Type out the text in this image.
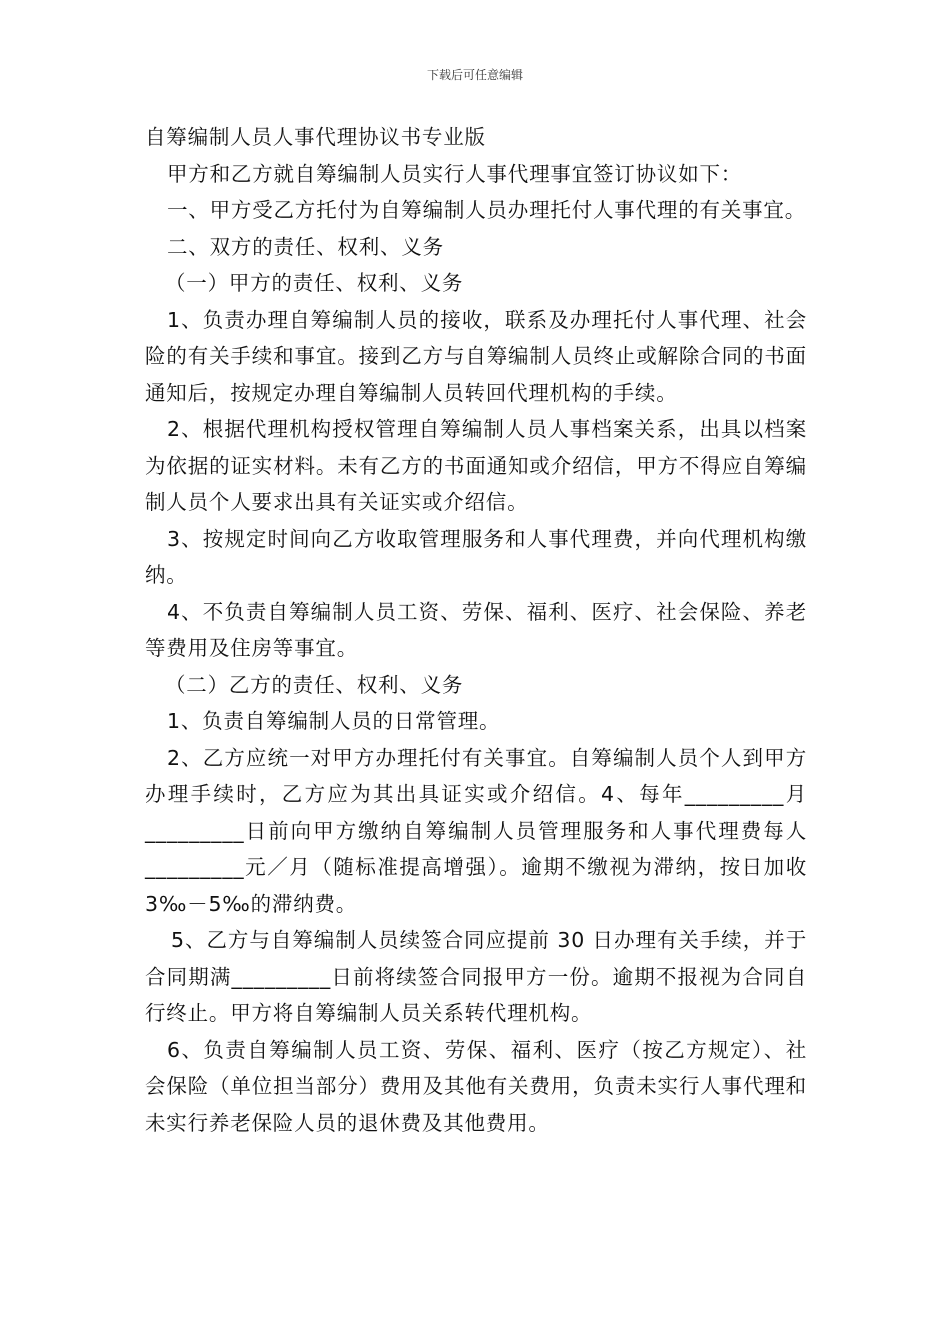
下载后可任意编辑

自筹编制人员人事代理协议书专业版

甲方和乙方就自筹编制人员实行人事代理事宜签订协议如下：

一、甲方受乙方托付为自筹编制人员办理托付人事代理的有关事宜。

二、双方的责任、权利、义务

（一）甲方的责任、权利、义务

1、负责办理自筹编制人员的接收，联系及办理托付人事代理、社会险的有关手续和事宜。接到乙方与自筹编制人员终止或解除合同的书面通知后，按规定办理自筹编制人员转回代理机构的手续。

2、根据代理机构授权管理自筹编制人员人事档案关系，出具以档案为依据的证实材料。未有乙方的书面通知或介绍信，甲方不得应自筹编制人员个人要求出具有关证实或介绍信。

3、按规定时间向乙方收取管理服务和人事代理费，并向代理机构缴纳。

4、不负责自筹编制人员工资、劳保、福利、医疗、社会保险、养老等费用及住房等事宜。

（二）乙方的责任、权利、义务

1、负责自筹编制人员的日常管理。

2、乙方应统一对甲方办理托付有关事宜。自筹编制人员个人到甲方办理手续时，乙方应为其出具证实或介绍信。4、每年_________月_________日前向甲方缴纳自筹编制人员管理服务和人事代理费每人_________元／月（随标准提高增强）。逾期不缴视为滞纳，按日加收 3‰－5‰的滞纳费。

5、乙方与自筹编制人员续签合同应提前 30 日办理有关手续，并于合同期满_________日前将续签合同报甲方一份。逾期不报视为合同自行终止。甲方将自筹编制人员关系转代理机构。

6、负责自筹编制人员工资、劳保、福利、医疗（按乙方规定）、社会保险（单位担当部分）费用及其他有关费用，负责未实行人事代理和未实行养老保险人员的退休费及其他费用。
